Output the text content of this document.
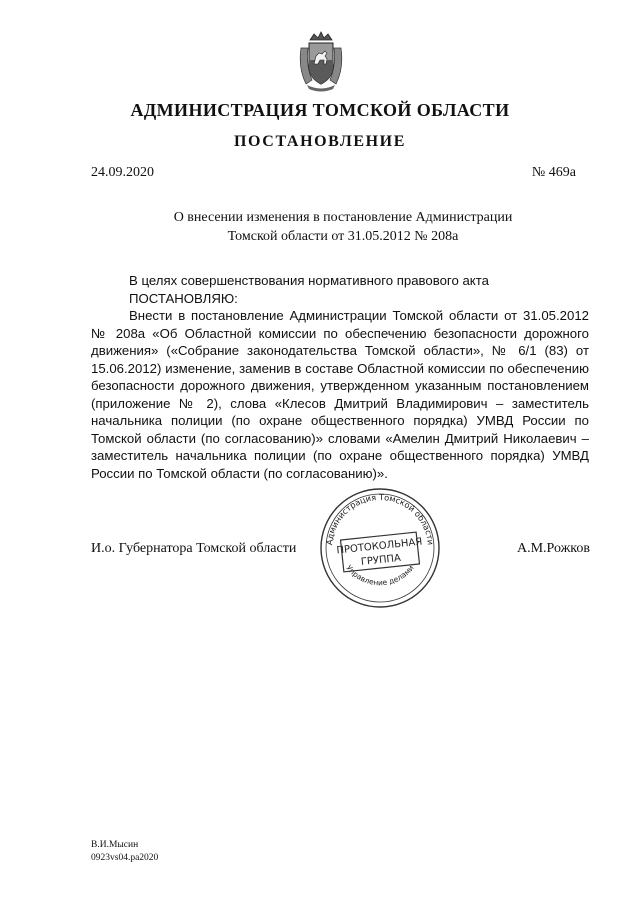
АДМИНИСТРАЦИЯ ТОМСКОЙ ОБЛАСТИ
ПОСТАНОВЛЕНИЕ
24.09.2020	№ 469а
О внесении изменения в постановление Администрации
Томской области от 31.05.2012 № 208а
В целях совершенствования нормативного правового акта
ПОСТАНОВЛЯЮ:
Внести в постановление Администрации Томской области от 31.05.2012 № 208а «Об Областной комиссии по обеспечению безопасности дорожного движения» («Собрание законодательства Томской области», № 6/1 (83) от 15.06.2012) изменение, заменив в составе Областной комиссии по обеспечению безопасности дорожного движения, утвержденном указанным постановлением (приложение № 2), слова «Клесов Дмитрий Владимирович – заместитель начальника полиции (по охране общественного порядка) УМВД России по Томской области (по согласованию)» словами «Амелин Дмитрий Николаевич – заместитель начальника полиции (по охране общественного порядка) УМВД России по Томской области (по согласованию)».
И.о. Губернатора Томской области	А.М.Рожков
Администрация Томской области
Управление делами
ПРОТОКОЛЬНАЯ
ГРУППА
В.И.Мысин
0923vs04.ра2020
